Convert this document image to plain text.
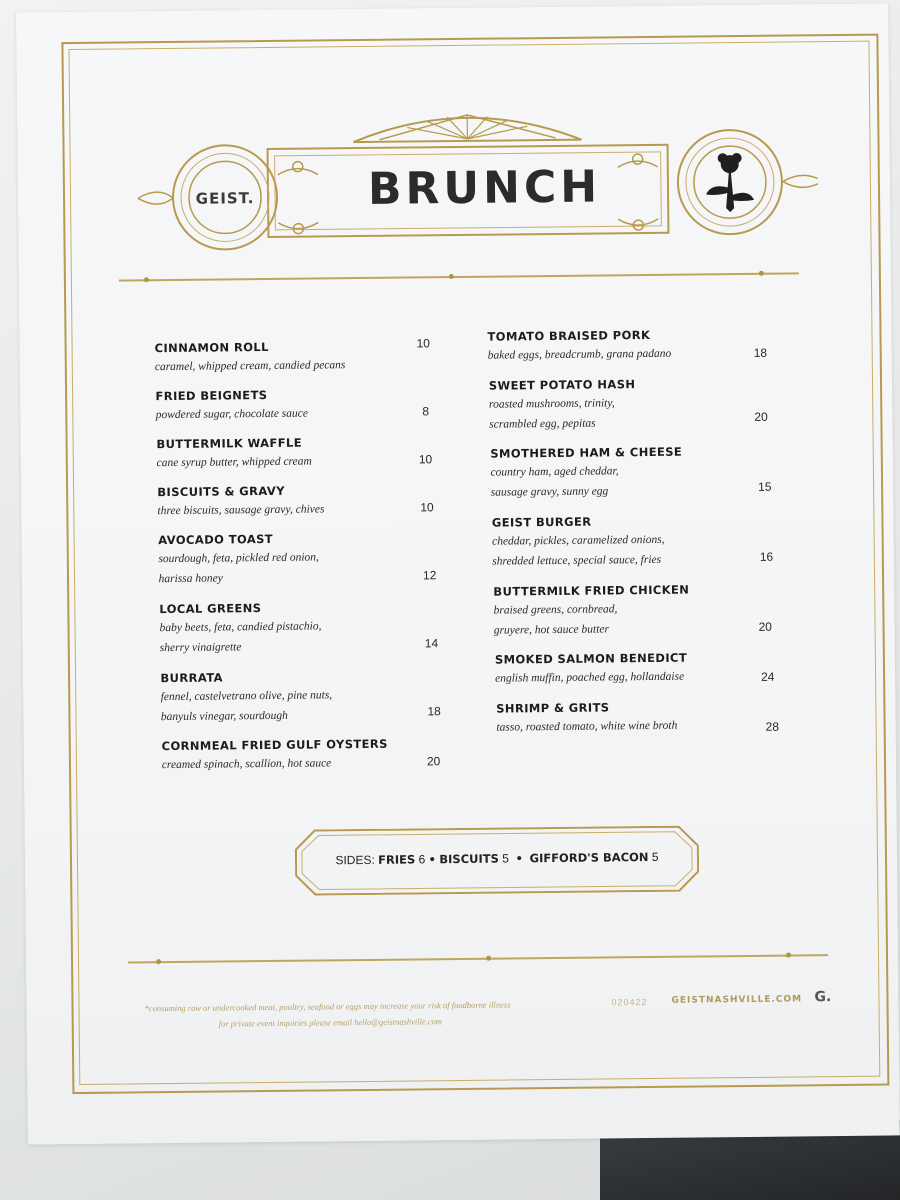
GEIST.	BRUNCH
SIDES: FRIES 6 • BISCUITS 5 • GIFFORD'S BACON 5
*consuming raw or undercooked meat, poultry, seafood or eggs may increase your risk of foodborne illness
for private event inquiries please email hello@geistnashville.com
020422	GEISTNASHVILLE.COM G.
CINNAMON ROLL
caramel, whipped cream, candied pecans
10
FRIED BEIGNETS
powdered sugar, chocolate sauce	8
BUTTERMILK WAFFLE
cane syrup butter, whipped cream	10
BISCUITS & GRAVY
three biscuits, sausage gravy, chives	10
AVOCADO TOAST
sourdough, feta, pickled red onion,
harissa honey	12
LOCAL GREENS
baby beets, feta, candied pistachio,
sherry vinaigrette	14
BURRATA
fennel, castelvetrano olive, pine nuts,
banyuls vinegar, sourdough	18
CORNMEAL FRIED GULF OYSTERS
creamed spinach, scallion, hot sauce	20
TOMATO BRAISED PORK
baked eggs, breadcrumb, grana padano	18
SWEET POTATO HASH
roasted mushrooms, trinity,
scrambled egg, pepitas
20
SMOTHERED HAM & CHEESE
country ham, aged cheddar,
sausage gravy, sunny egg	15
GEIST BURGER
cheddar, pickles, caramelized onions,
shredded lettuce, special sauce, fries	16
BUTTERMILK FRIED CHICKEN
braised greens, cornbread,
gruyere, hot sauce butter	20
SMOKED SALMON BENEDICT
english muffin, poached egg, hollandaise	24
SHRIMP & GRITS
tasso, roasted tomato, white wine broth	28
